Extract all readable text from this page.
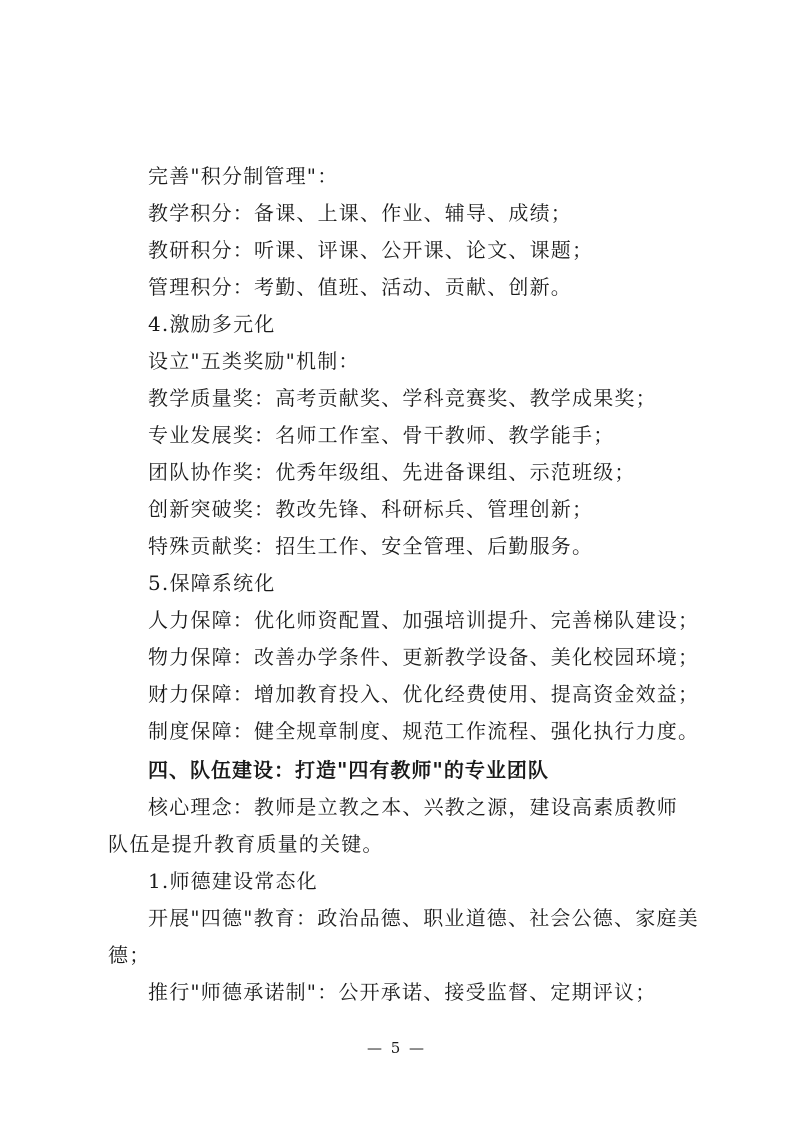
完善"积分制管理"：
教学积分：备课、上课、作业、辅导、成绩；
教研积分：听课、评课、公开课、论文、课题；
管理积分：考勤、值班、活动、贡献、创新。
4.激励多元化
设立"五类奖励"机制：
教学质量奖：高考贡献奖、学科竞赛奖、教学成果奖；
专业发展奖：名师工作室、骨干教师、教学能手；
团队协作奖：优秀年级组、先进备课组、示范班级；
创新突破奖：教改先锋、科研标兵、管理创新；
特殊贡献奖：招生工作、安全管理、后勤服务。
5.保障系统化
人力保障：优化师资配置、加强培训提升、完善梯队建设；
物力保障：改善办学条件、更新教学设备、美化校园环境；
财力保障：增加教育投入、优化经费使用、提高资金效益；
制度保障：健全规章制度、规范工作流程、强化执行力度。
四、队伍建设：打造"四有教师"的专业团队
核心理念：教师是立教之本、兴教之源，建设高素质教师
队伍是提升教育质量的关键。
1.师德建设常态化
开展"四德"教育：政治品德、职业道德、社会公德、家庭美
德；
推行"师德承诺制"：公开承诺、接受监督、定期评议；
— 5 —
